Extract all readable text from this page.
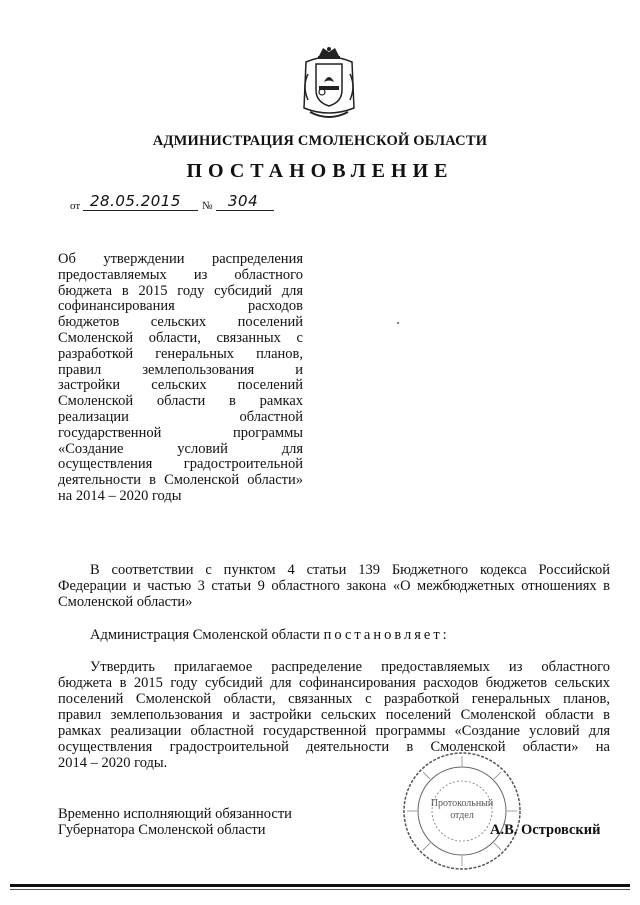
АДМИНИСТРАЦИЯ СМОЛЕНСКОЙ ОБЛАСТИ
ПОСТАНОВЛЕНИЕ
от 28.05.2015 № 304
Об утверждении распределения
предоставляемых из областного
бюджета в 2015 году субсидий для
софинансирования расходов
бюджетов сельских поселений
Смоленской области, связанных с
разработкой генеральных планов,
правил землепользования и
застройки сельских поселений
Смоленской области в рамках
реализации областной
государственной программы
«Создание условий для
осуществления градостроительной
деятельности в Смоленской области»
на 2014 – 2020 годы
В соответствии с пунктом 4 статьи 139 Бюджетного кодекса Российской
Федерации и частью 3 статьи 9 областного закона «О межбюджетных отношениях в
Смоленской области»
Администрация Смоленской области постановляет:
Утвердить прилагаемое распределение предоставляемых из областного
бюджета в 2015 году субсидий для софинансирования расходов бюджетов сельских
поселений Смоленской области, связанных с разработкой генеральных планов,
правил землепользования и застройки сельских поселений Смоленской области в
рамках реализации областной государственной программы «Создание условий для
осуществления градостроительной деятельности в Смоленской области» на
2014 – 2020 годы.
Протокольный
отдел
Временно исполняющий обязанности
Губернатора Смоленской области	А.В. Островский
